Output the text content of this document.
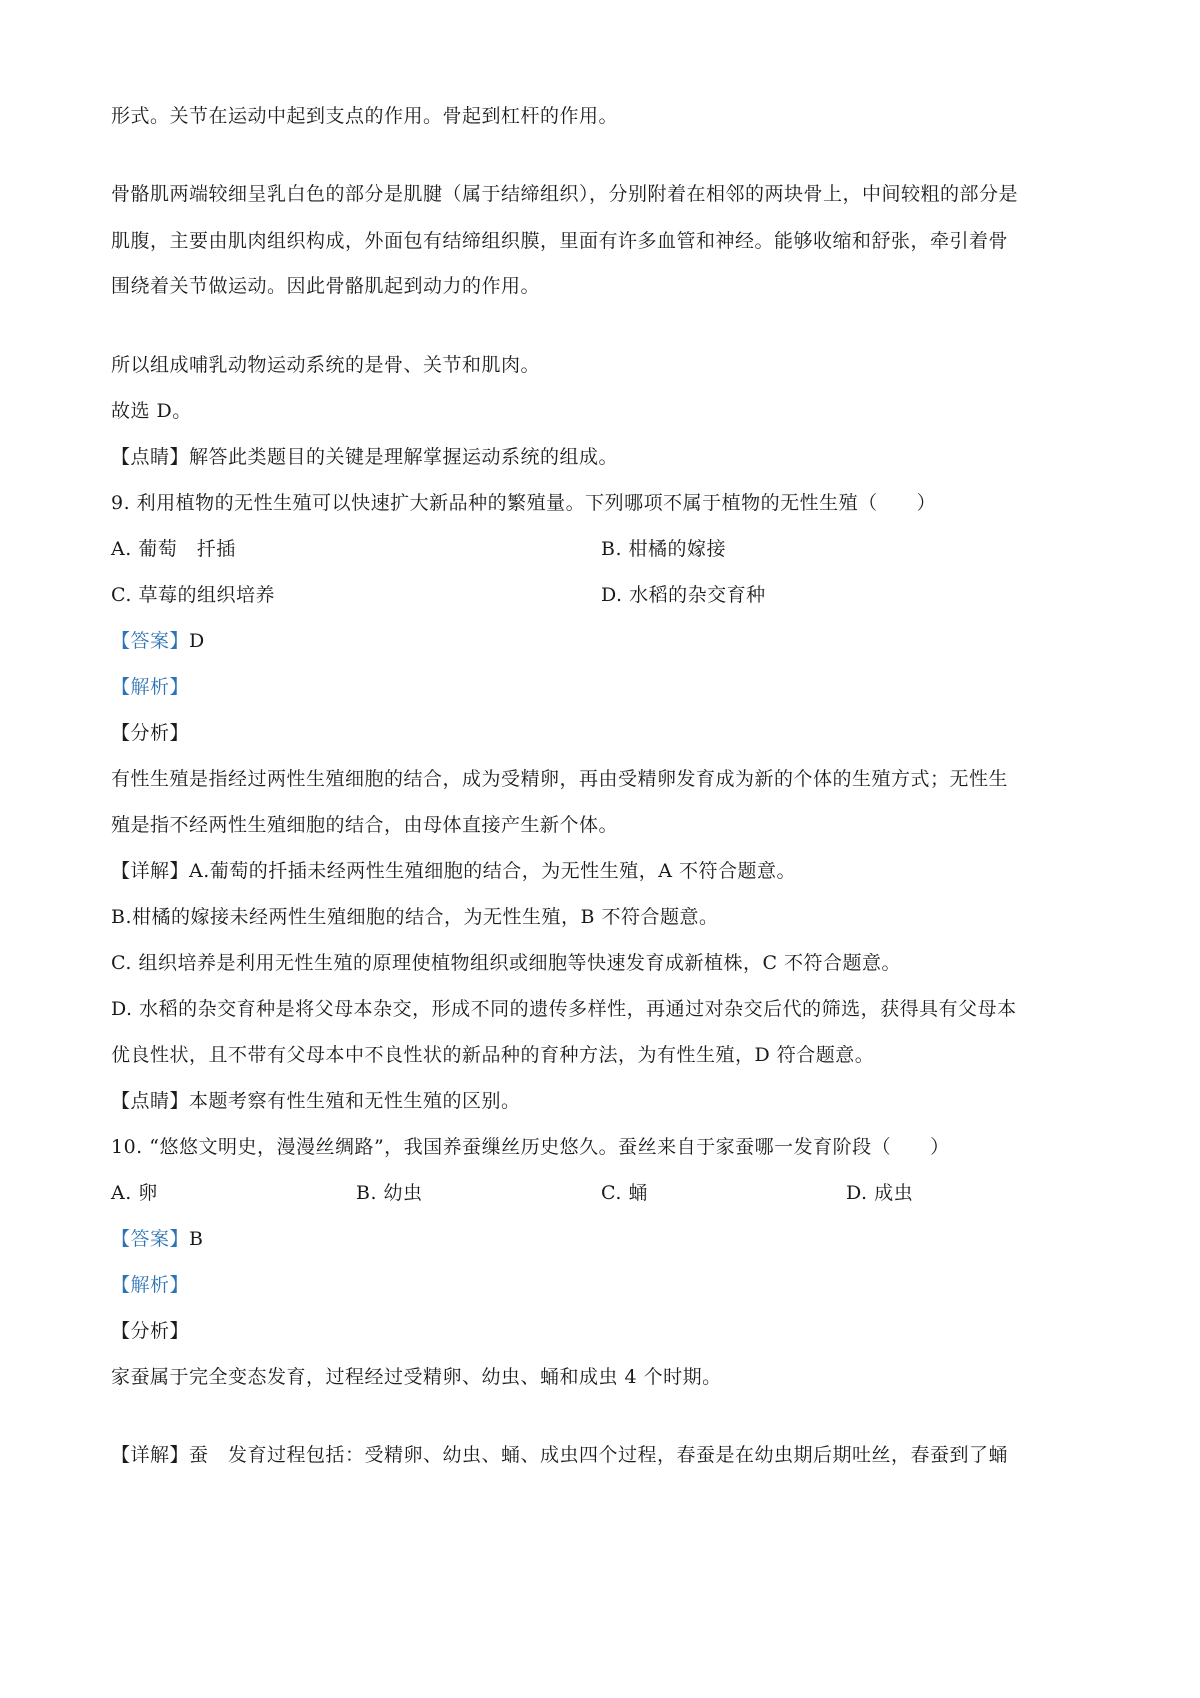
形式。关节在运动中起到支点的作用。骨起到杠杆的作用。
骨骼肌两端较细呈乳白色的部分是肌腱（属于结缔组织），分别附着在相邻的两块骨上，中间较粗的部分是
肌腹，主要由肌肉组织构成，外面包有结缔组织膜，里面有许多血管和神经。能够收缩和舒张，牵引着骨
围绕着关节做运动。因此骨骼肌起到动力的作用。
所以组成哺乳动物运动系统的是骨、关节和肌肉。
故选 D。
【点睛】解答此类题目的关键是理解掌握运动系统的组成。
9. 利用植物的无性生殖可以快速扩大新品种的繁殖量。下列哪项不属于植物的无性生殖（　　）
A. 葡萄　扦插	B. 柑橘的嫁接
C. 草莓的组织培养	D. 水稻的杂交育种
【答案】D
【解析】
【分析】
有性生殖是指经过两性生殖细胞的结合，成为受精卵，再由受精卵发育成为新的个体的生殖方式；无性生
殖是指不经两性生殖细胞的结合，由母体直接产生新个体。
【详解】A.葡萄的扦插未经两性生殖细胞的结合，为无性生殖，A 不符合题意。
B.柑橘的嫁接未经两性生殖细胞的结合，为无性生殖，B 不符合题意。
C. 组织培养是利用无性生殖的原理使植物组织或细胞等快速发育成新植株，C 不符合题意。
D. 水稻的杂交育种是将父母本杂交，形成不同的遗传多样性，再通过对杂交后代的筛选，获得具有父母本
优良性状，且不带有父母本中不良性状的新品种的育种方法，为有性生殖，D 符合题意。
【点睛】本题考察有性生殖和无性生殖的区别。
10. “悠悠文明史，漫漫丝绸路”，我国养蚕缫丝历史悠久。蚕丝来自于家蚕哪一发育阶段（　　）
A. 卵	B. 幼虫	C. 蛹	D. 成虫
【答案】B
【解析】
【分析】
家蚕属于完全变态发育，过程经过受精卵、幼虫、蛹和成虫 4 个时期。
【详解】蚕　发育过程包括：受精卵、幼虫、蛹、成虫四个过程，春蚕是在幼虫期后期吐丝，春蚕到了蛹
